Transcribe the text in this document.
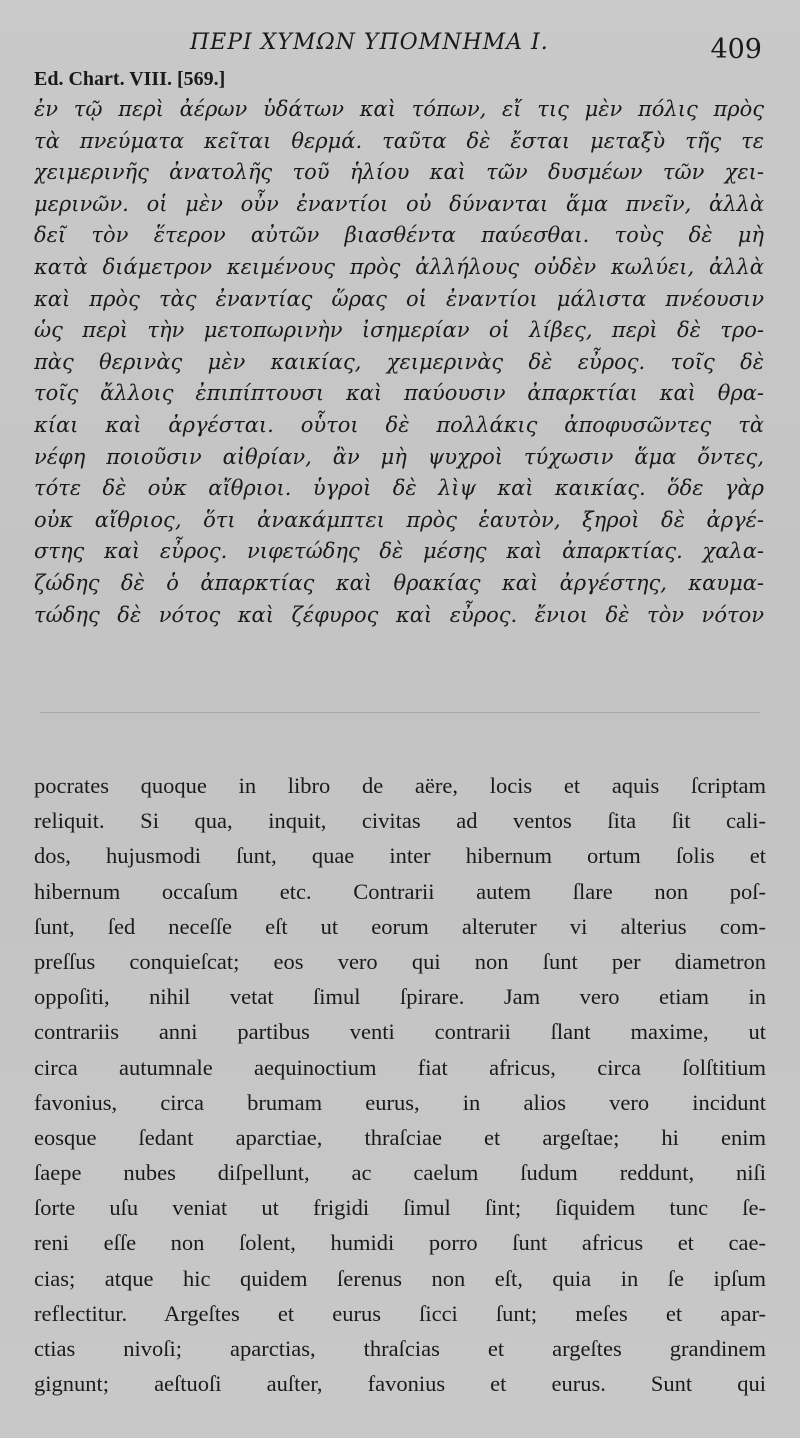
ΠΕΡΙ ΧΥΜΩΝ ΥΠΟΜΝΗΜΑ Ι.	409
Ed. Chart. VIII. [569.]
ἐν τῷ περὶ ἀέρων ὑδάτων καὶ τόπων, εἴ τις μὲν πόλις πρὸς
τὰ πνεύματα κεῖται θερμά. ταῦτα δὲ ἔσται μεταξὺ τῆς τε
χειμερινῆς ἀνατολῆς τοῦ ἡλίου καὶ τῶν δυσμέων τῶν χει-
μερινῶν. οἱ μὲν οὖν ἐναντίοι οὐ δύνανται ἅμα πνεῖν, ἀλλὰ
δεῖ τὸν ἕτερον αὐτῶν βιασθέντα παύεσθαι. τοὺς δὲ μὴ
κατὰ διάμετρον κειμένους πρὸς ἀλλήλους οὐδὲν κωλύει, ἀλλὰ
καὶ πρὸς τὰς ἐναντίας ὥρας οἱ ἐναντίοι μάλιστα πνέουσιν
ὡς περὶ τὴν μετοπωρινὴν ἰσημερίαν οἱ λίβες, περὶ δὲ τρο-
πὰς θερινὰς μὲν καικίας, χειμερινὰς δὲ εὖρος. τοῖς δὲ
τοῖς ἄλλοις ἐπιπίπτουσι καὶ παύουσιν ἀπαρκτίαι καὶ θρα-
κίαι καὶ ἀργέσται. οὗτοι δὲ πολλάκις ἀποφυσῶντες τὰ
νέφη ποιοῦσιν αἰθρίαν, ἂν μὴ ψυχροὶ τύχωσιν ἅμα ὄντες,
τότε δὲ οὐκ αἴθριοι. ὑγροὶ δὲ λὶψ καὶ καικίας. ὅδε γὰρ
οὐκ αἴθριος, ὅτι ἀνακάμπτει πρὸς ἑαυτὸν, ξηροὶ δὲ ἀργέ-
στης καὶ εὖρος. νιφετώδης δὲ μέσης καὶ ἀπαρκτίας. χαλα-
ζώδης δὲ ὁ ἀπαρκτίας καὶ θρακίας καὶ ἀργέστης, καυμα-
τώδης δὲ νότος καὶ ζέφυρος καὶ εὖρος. ἔνιοι δὲ τὸν νότον
pocrates quoque in libro de aëre, locis et aquis ſcriptam
reliquit. Si qua, inquit, civitas ad ventos ſita ſit cali-
dos, hujusmodi ſunt, quae inter hibernum ortum ſolis et
hibernum occaſum etc. Contrarii autem ſlare non poſ-
ſunt, ſed neceſſe eſt ut eorum alteruter vi alterius com-
preſſus conquieſcat; eos vero qui non ſunt per diametron
oppoſiti, nihil vetat ſimul ſpirare. Jam vero etiam in
contrariis anni partibus venti contrarii ſlant maxime, ut
circa autumnale aequinoctium fiat africus, circa ſolſtitium
favonius, circa brumam eurus, in alios vero incidunt
eosque ſedant aparctiae, thraſciae et argeſtae; hi enim
ſaepe nubes diſpellunt, ac caelum ſudum reddunt, niſi
ſorte uſu veniat ut frigidi ſimul ſint; ſiquidem tunc ſe-
reni eſſe non ſolent, humidi porro ſunt africus et cae-
cias; atque hic quidem ſerenus non eſt, quia in ſe ipſum
reflectitur. Argeſtes et eurus ſicci ſunt; meſes et apar-
ctias nivoſi; aparctias, thraſcias et argeſtes grandinem
gignunt; aeſtuoſi auſter, favonius et eurus. Sunt qui
